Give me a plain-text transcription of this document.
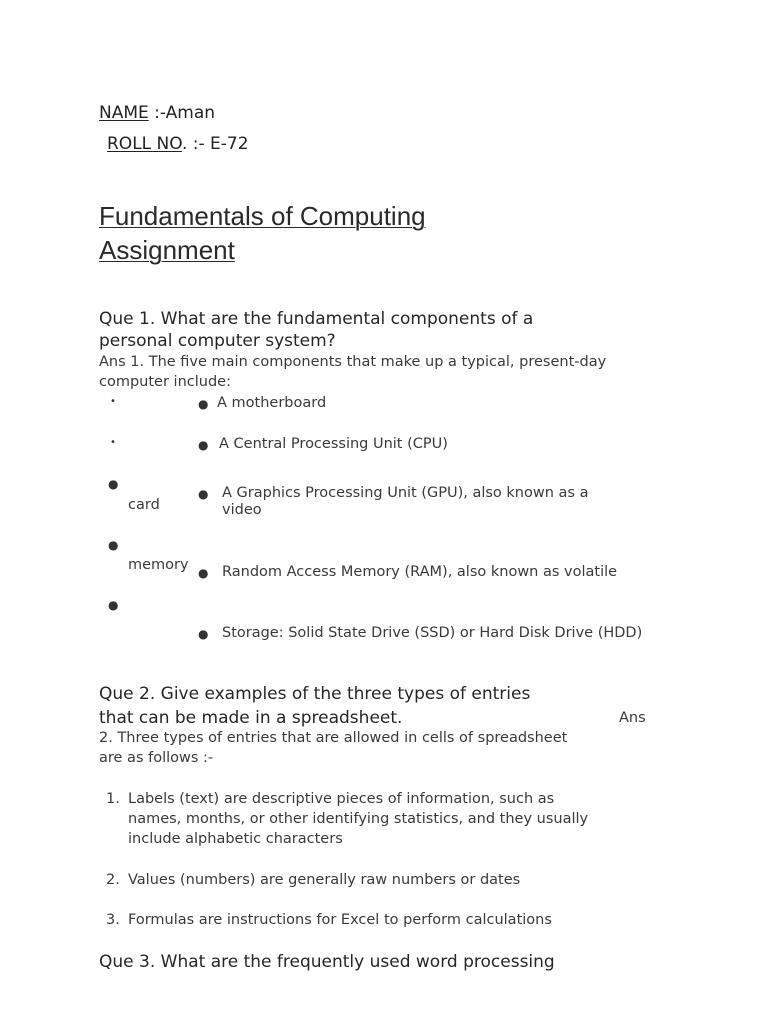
NAME :-Aman
ROLL NO. :- E-72
Fundamentals of Computing
Assignment
Que 1. What are the fundamental components of a
personal computer system?
Ans 1. The five main components that make up a typical, present-day
computer include:
•	● A motherboard
•	● A Central Processing Unit (CPU)
●
● A Graphics Processing Unit (GPU), also known as a
video
card
●
memory ● Random Access Memory (RAM), also known as volatile
●
● Storage: Solid State Drive (SSD) or Hard Disk Drive (HDD)
Que 2. Give examples of the three types of entries
that can be made in a spreadsheet.	Ans
2. Three types of entries that are allowed in cells of spreadsheet
are as follows :-
1. Labels (text) are descriptive pieces of information, such as
names, months, or other identifying statistics, and they usually
include alphabetic characters
2. Values (numbers) are generally raw numbers or dates
3. Formulas are instructions for Excel to perform calculations
Que 3. What are the frequently used word processing
